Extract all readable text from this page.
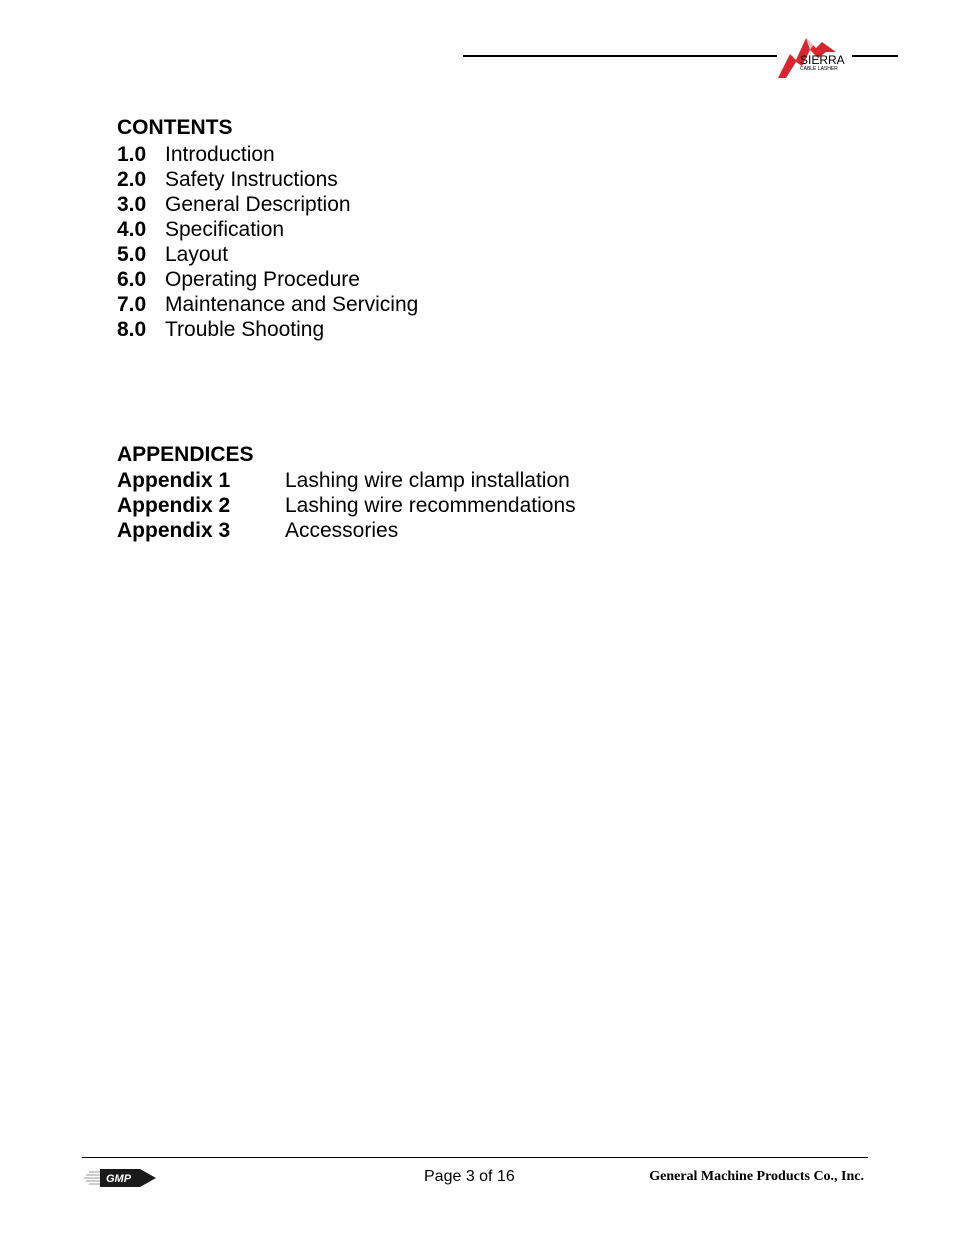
SIERRA
CABLE LASHER
CONTENTS
1.0 Introduction
2.0 Safety Instructions
3.0 General Description
4.0 Specification
5.0 Layout
6.0 Operating Procedure
7.0 Maintenance and Servicing
8.0 Trouble Shooting
APPENDICES
Appendix 1	Lashing wire clamp installation
Appendix 2	Lashing wire recommendations
Appendix 3	Accessories
GMP	Page 3 of 16	General Machine Products Co., Inc.
